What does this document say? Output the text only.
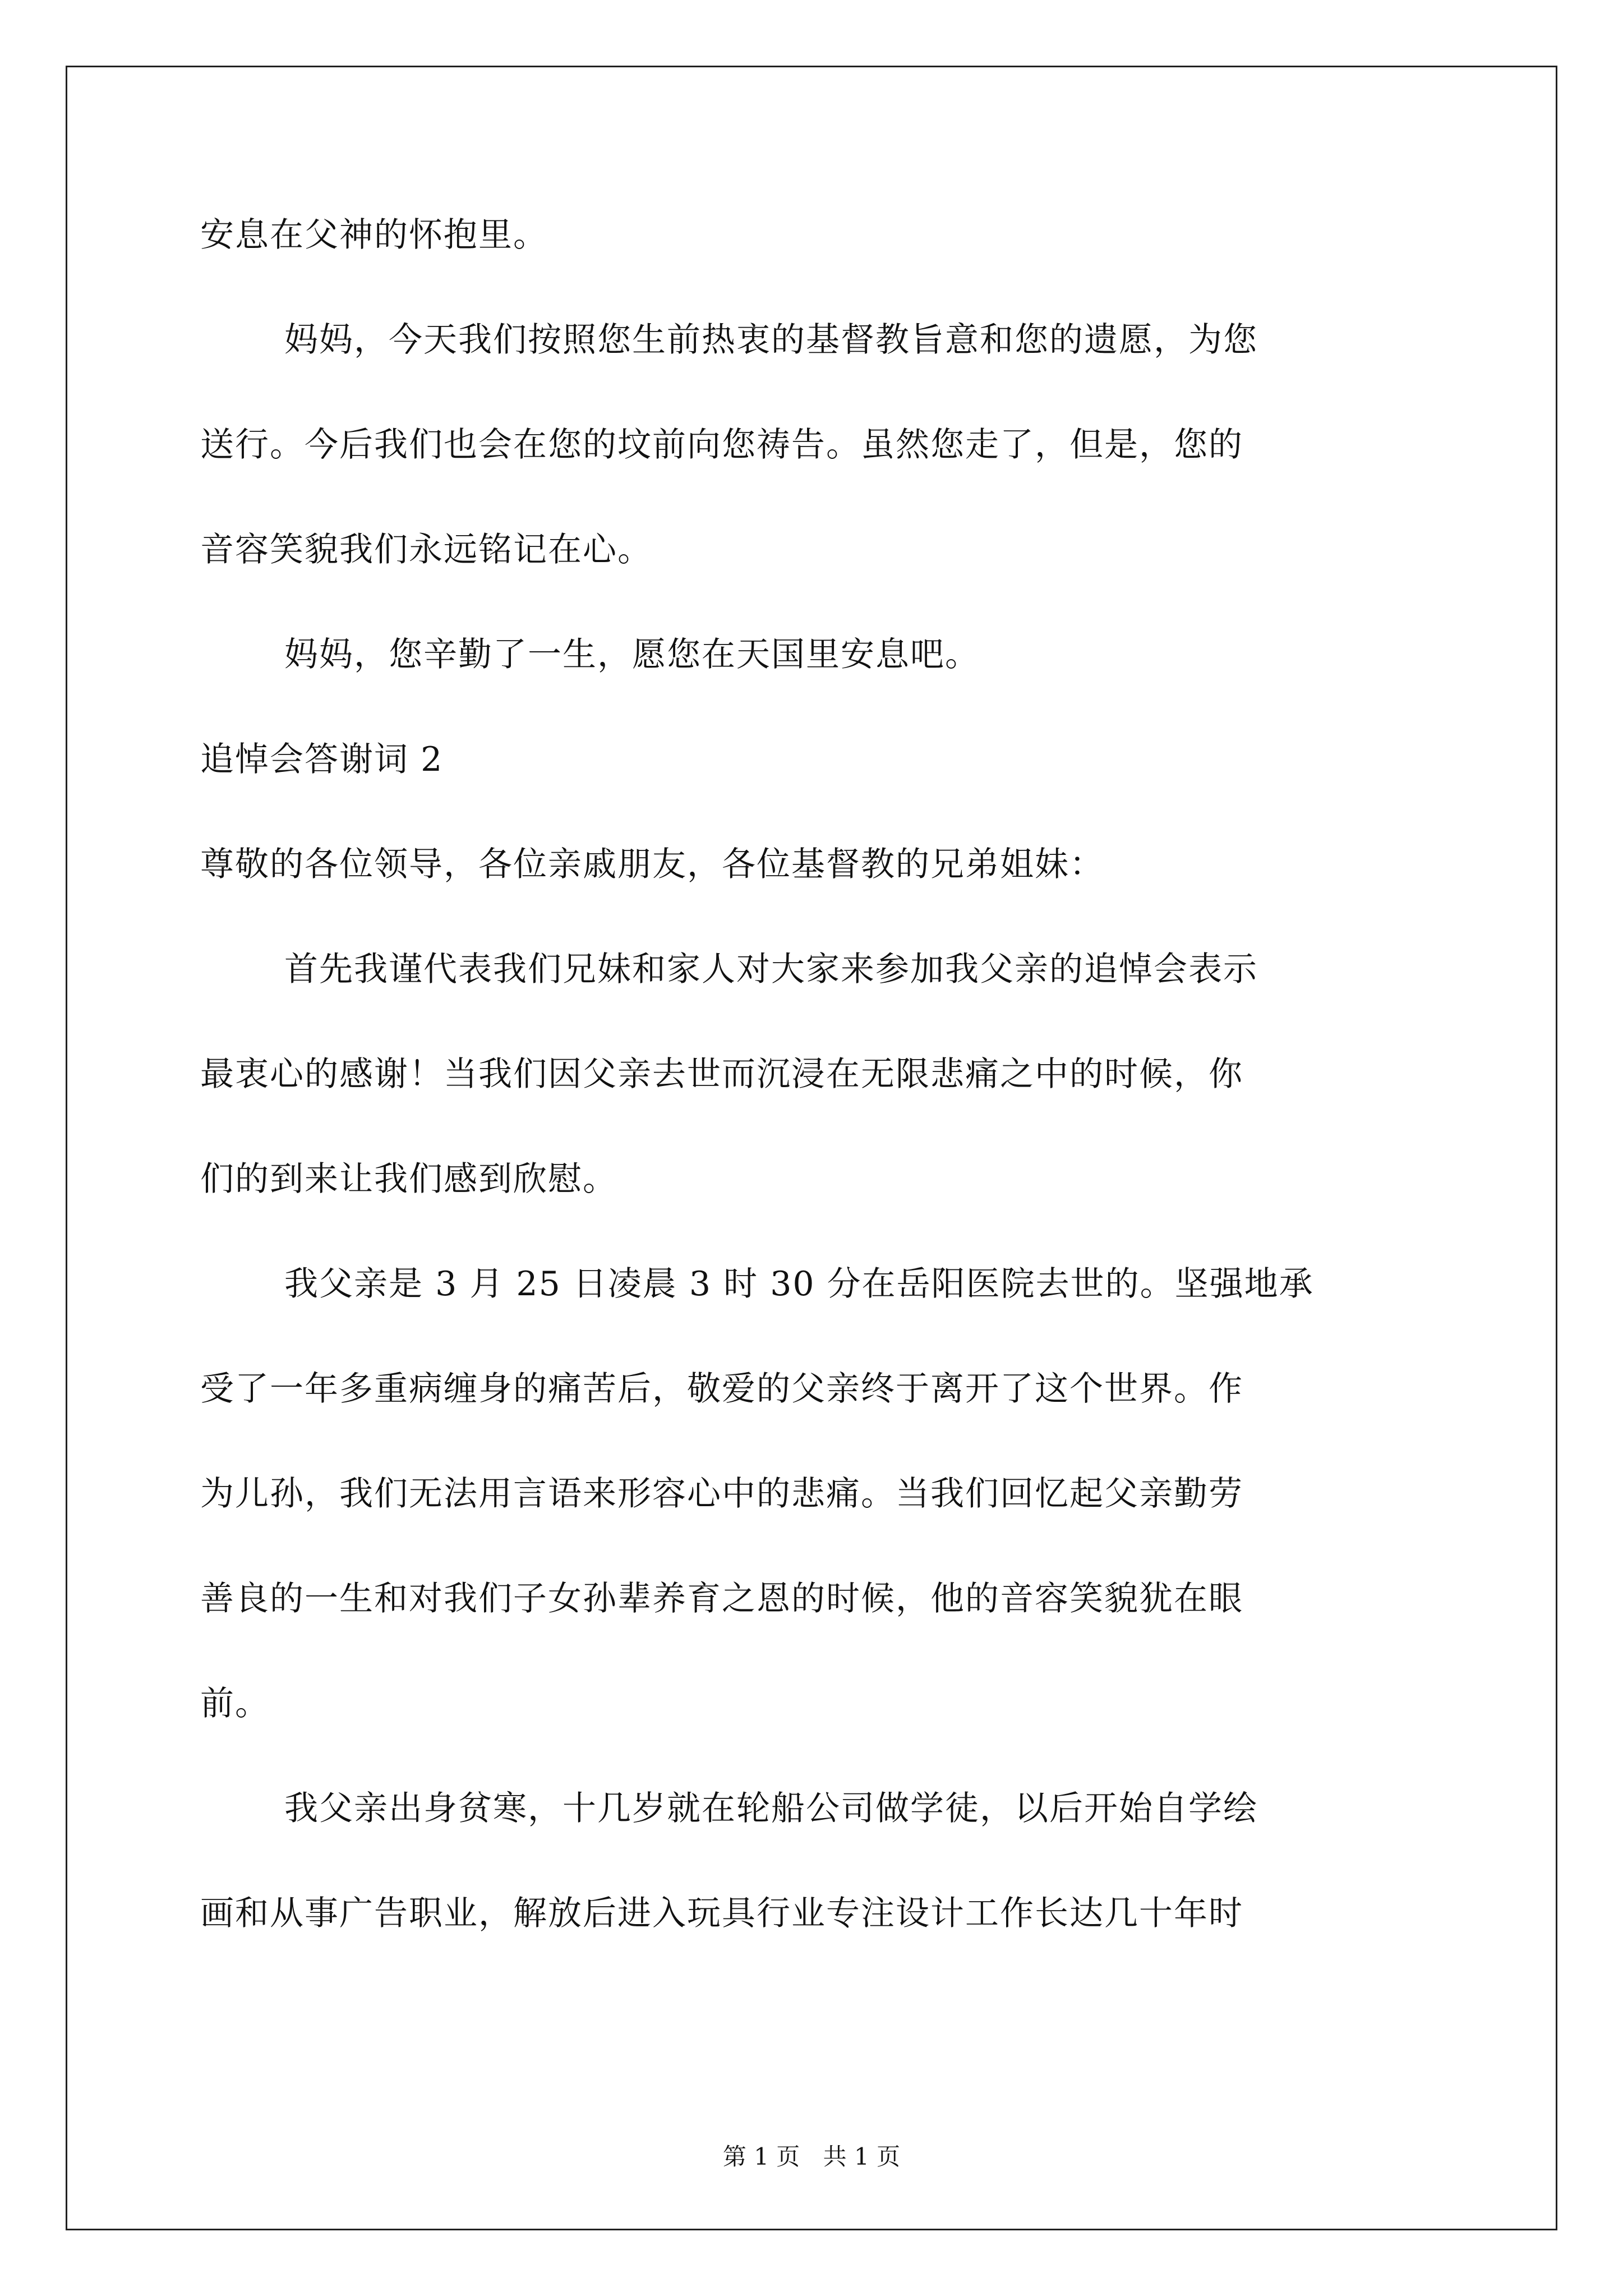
安息在父神的怀抱里。
妈妈，今天我们按照您生前热衷的基督教旨意和您的遗愿，为您
送行。今后我们也会在您的坟前向您祷告。虽然您走了，但是，您的
音容笑貌我们永远铭记在心。
妈妈，您辛勤了一生，愿您在天国里安息吧。
追悼会答谢词 2
尊敬的各位领导，各位亲戚朋友，各位基督教的兄弟姐妹：
首先我谨代表我们兄妹和家人对大家来参加我父亲的追悼会表示
最衷心的感谢！当我们因父亲去世而沉浸在无限悲痛之中的时候，你
们的到来让我们感到欣慰。
我父亲是 3 月 25 日凌晨 3 时 30 分在岳阳医院去世的。坚强地承
受了一年多重病缠身的痛苦后，敬爱的父亲终于离开了这个世界。作
为儿孙，我们无法用言语来形容心中的悲痛。当我们回忆起父亲勤劳
善良的一生和对我们子女孙辈养育之恩的时候，他的音容笑貌犹在眼
前。
我父亲出身贫寒，十几岁就在轮船公司做学徒，以后开始自学绘
画和从事广告职业，解放后进入玩具行业专注设计工作长达几十年时
第 1 页 共 1 页
